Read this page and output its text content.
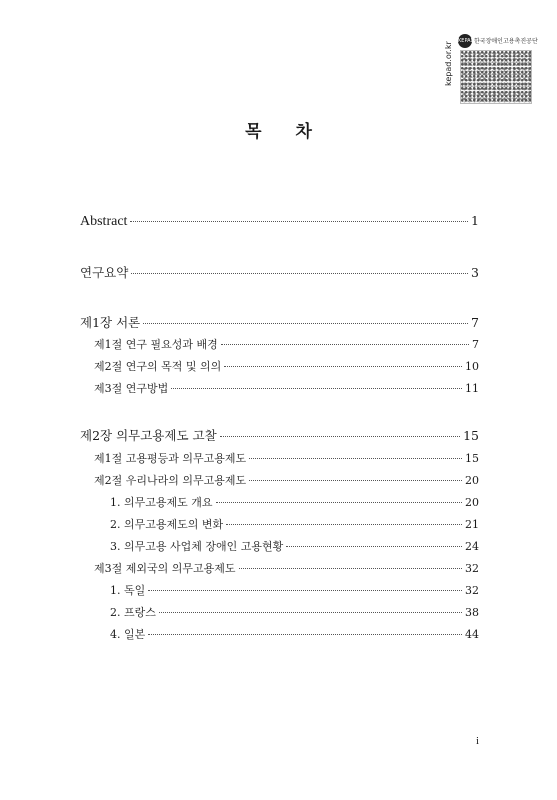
kepad.or.kr
KEPAD 한국장애인고용촉진공단
목 차
Abstract	1
연구요약	3
제1장 서론	7
제1절 연구 필요성과 배경	7
제2절 연구의 목적 및 의의	10
제3절 연구방법	11
제2장 의무고용제도 고찰	15
제1절 고용평등과 의무고용제도	15
제2절 우리나라의 의무고용제도	20
1. 의무고용제도 개요	20
2. 의무고용제도의 변화	21
3. 의무고용 사업체 장애인 고용현황	24
제3절 제외국의 의무고용제도	32
1. 독일	32
2. 프랑스	38
4. 일본	44
i
